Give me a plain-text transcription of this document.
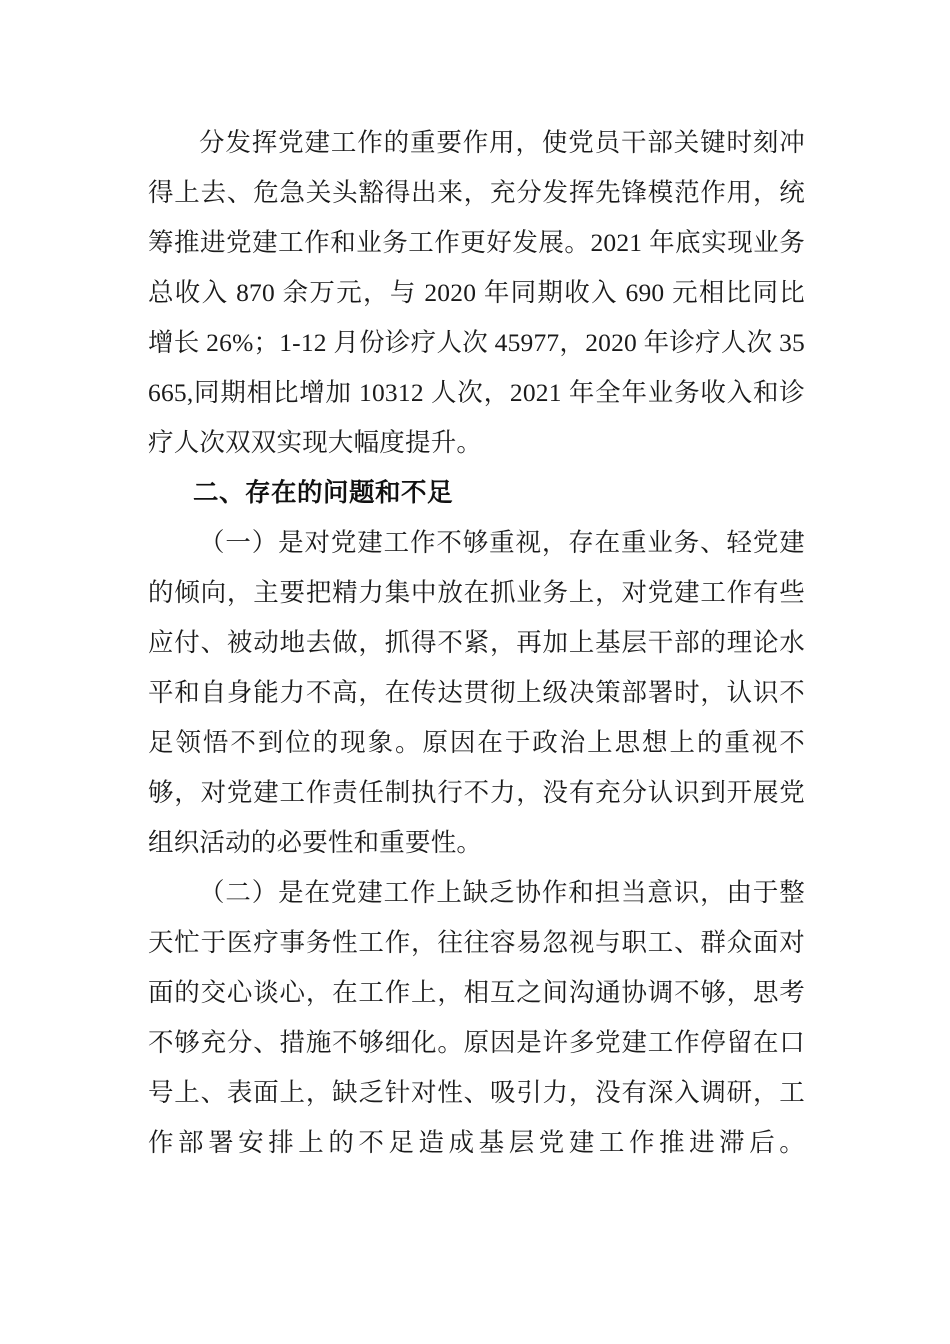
分发挥党建工作的重要作用，使党员干部关键时刻冲得上去、危急关头豁得出来，充分发挥先锋模范作用，统筹推进党建工作和业务工作更好发展。2021 年底实现业务总收入 870 余万元，与 2020 年同期收入 690 元相比同比增长 26%；1-12 月份诊疗人次 45977，2020 年诊疗人次 35665,同期相比增加 10312 人次，2021 年全年业务收入和诊疗人次双双实现大幅度提升。

二、存在的问题和不足

（一）是对党建工作不够重视，存在重业务、轻党建的倾向，主要把精力集中放在抓业务上，对党建工作有些应付、被动地去做，抓得不紧，再加上基层干部的理论水平和自身能力不高，在传达贯彻上级决策部署时，认识不足领悟不到位的现象。原因在于政治上思想上的重视不够，对党建工作责任制执行不力，没有充分认识到开展党组织活动的必要性和重要性。

（二）是在党建工作上缺乏协作和担当意识，由于整天忙于医疗事务性工作，往往容易忽视与职工、群众面对面的交心谈心，在工作上，相互之间沟通协调不够，思考不够充分、措施不够细化。原因是许多党建工作停留在口号上、表面上，缺乏针对性、吸引力，没有深入调研，工作部署安排上的不足造成基层党建工作推进滞后。
